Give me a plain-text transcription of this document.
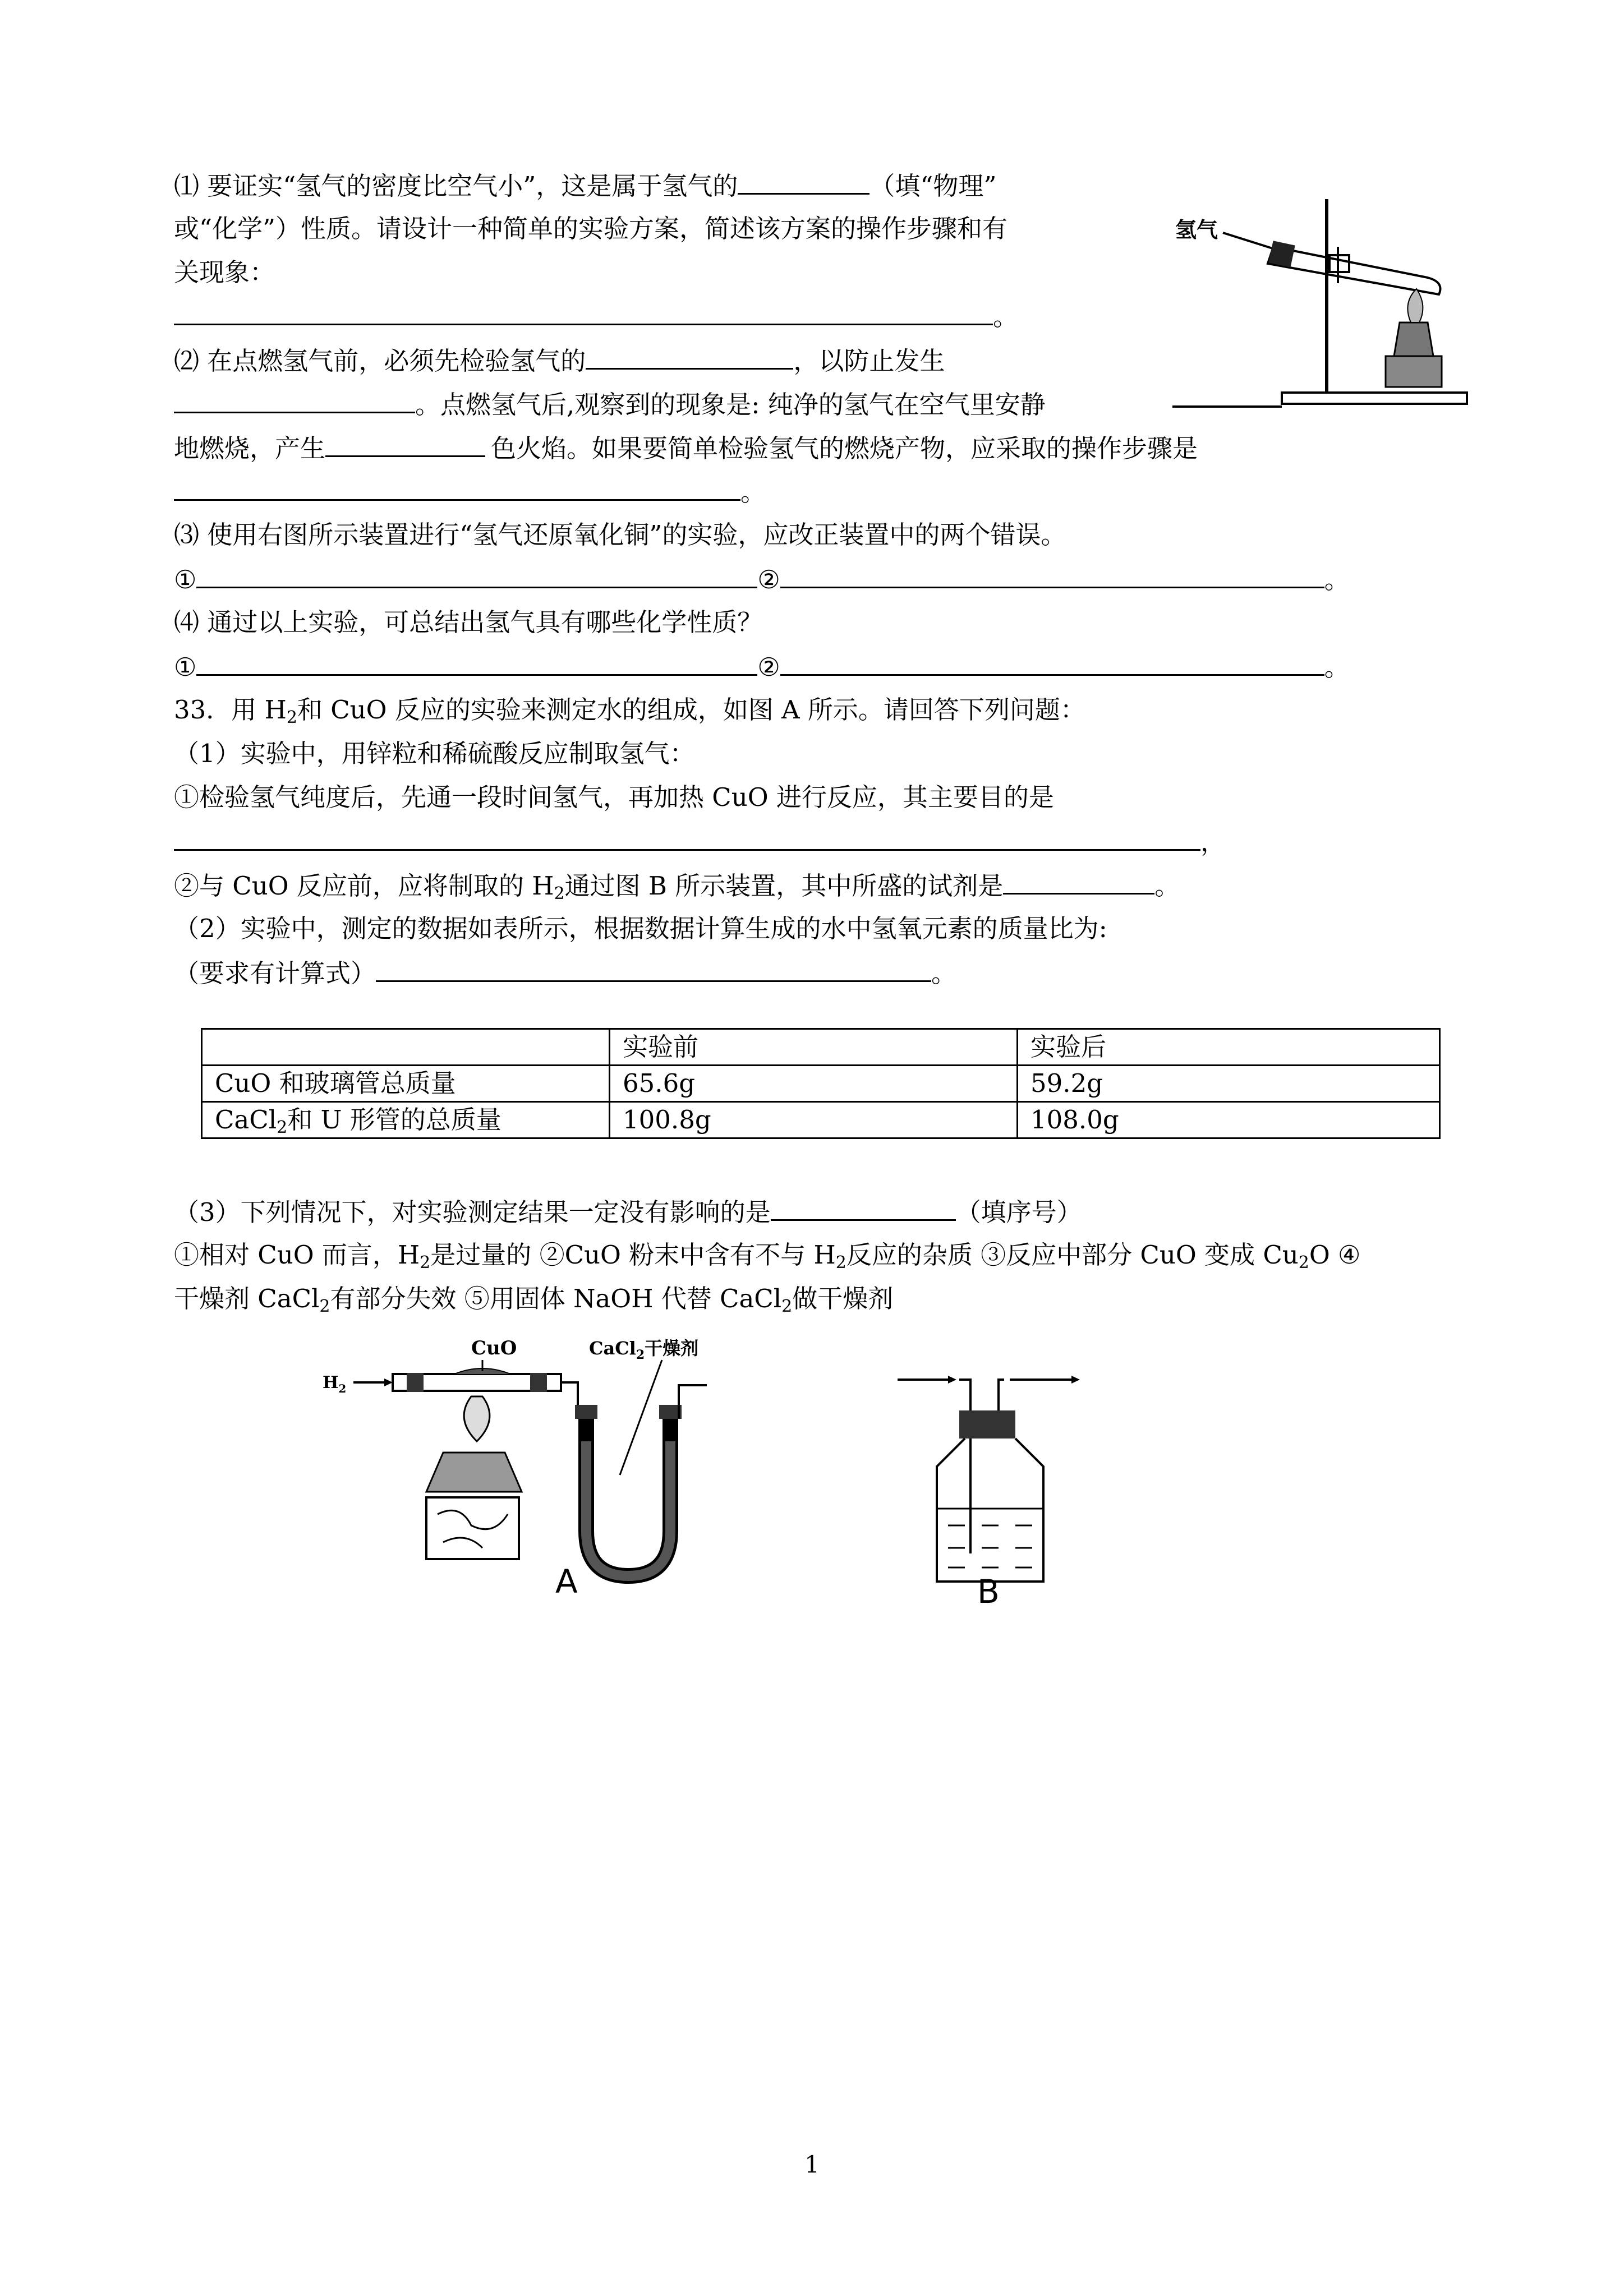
⑴ 要证实“氢气的密度比空气小”，这是属于氢气的	（填“物理”
或“化学”）性质。请设计一种简单的实验方案，简述该方案的操作步骤和有
关现象：
。
⑵ 在点燃氢气前，必须先检验氢气的	，以防止发生
。点燃氢气后,观察到的现象是: 纯净的氢气在空气里安静
地燃烧，产生	色火焰。如果要简单检验氢气的燃烧产物，应采取的操作步骤是
。
⑶ 使用右图所示装置进行“氢气还原氧化铜”的实验，应改正装置中的两个错误。
①	②	。
⑷ 通过以上实验，可总结出氢气具有哪些化学性质？
①	②	。
33．用 $H_2$和 CuO 反应的实验来测定水的组成，如图 A 所示。请回答下列问题：
（1）实验中，用锌粒和稀硫酸反应制取氢气：
①检验氢气纯度后，先通一段时间氢气，再加热 CuO 进行反应，其主要目的是
，
②与 CuO 反应前，应将制取的 $H_2$通过图 B 所示装置，其中所盛的试剂是	。
（2）实验中，测定的数据如表所示，根据数据计算生成的水中氢氧元素的质量比为:
（要求有计算式）	。
	实验前	实验后
CuO 和玻璃管总质量	65.6g	59.2g
CaCl$_2$和 U 形管的总质量	100.8g	108.0g
（3）下列情况下，对实验测定结果一定没有影响的是	（填序号）
①相对 CuO 而言，$H_2$是过量的 ②CuO 粉末中含有不与 $H_2$反应的杂质 ③反应中部分 CuO 变成 $Cu_2O$ ④
干燥剂 CaCl$_2$有部分失效 ⑤用固体 NaOH 代替 CaCl$_2$做干燥剂
氢气
CuO
$H_2$
CaCl$_2$干燥剂
A	B
1
